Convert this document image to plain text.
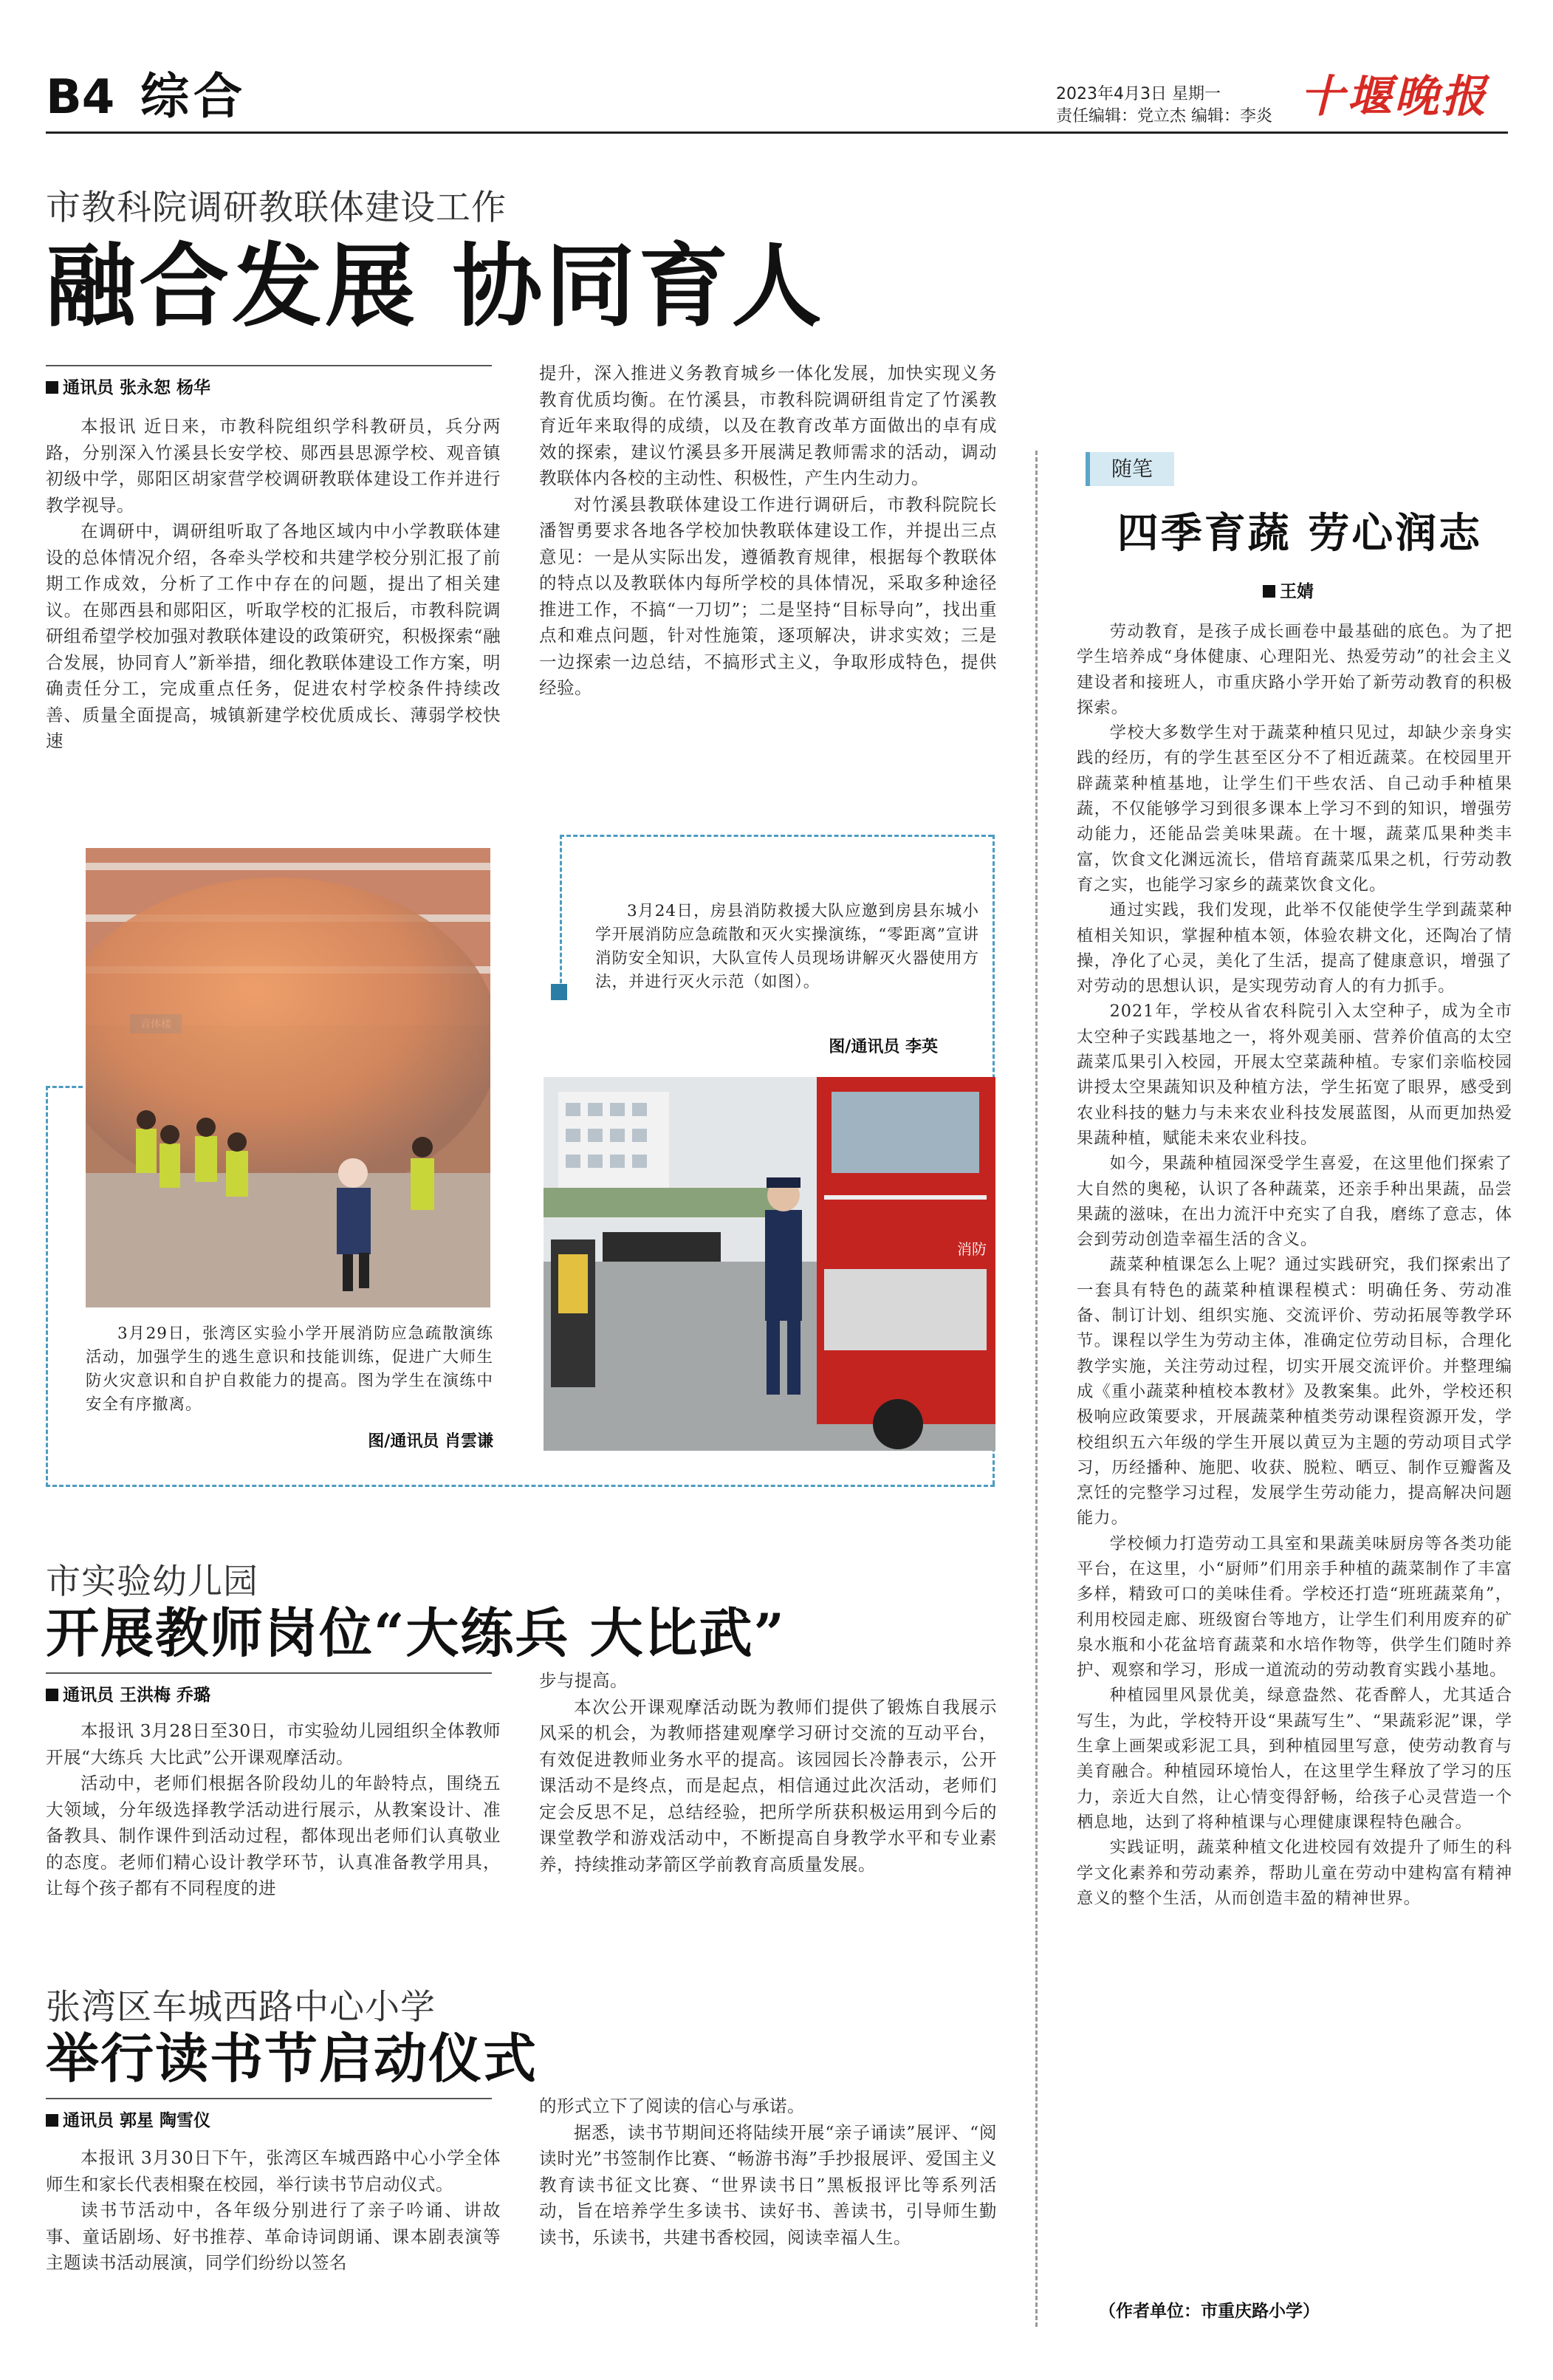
B4 综合	2023年4月3日 星期一
责任编辑：党立杰 编辑：李炎 十堰晚报
市教科院调研教联体建设工作
融合发展 协同育人
通讯员 张永恕 杨华

本报讯 近日来，市教科院组织学科教研员，兵分两路，分别深入竹溪县长安学校、郧西县思源学校、观音镇初级中学，郧阳区胡家营学校调研教联体建设工作并进行教学视导。

在调研中，调研组听取了各地区域内中小学教联体建设的总体情况介绍，各牵头学校和共建学校分别汇报了前期工作成效，分析了工作中存在的问题，提出了相关建议。在郧西县和郧阳区，听取学校的汇报后，市教科院调研组希望学校加强对教联体建设的政策研究，积极探索“融合发展，协同育人”新举措，细化教联体建设工作方案，明确责任分工，完成重点任务，促进农村学校条件持续改善、质量全面提高，城镇新建学校优质成长、薄弱学校快速

提升，深入推进义务教育城乡一体化发展，加快实现义务教育优质均衡。在竹溪县，市教科院调研组肯定了竹溪教育近年来取得的成绩，以及在教育改革方面做出的卓有成效的探索，建议竹溪县多开展满足教师需求的活动，调动教联体内各校的主动性、积极性，产生内生动力。

对竹溪县教联体建设工作进行调研后，市教科院院长潘智勇要求各地各学校加快教联体建设工作，并提出三点意见：一是从实际出发，遵循教育规律，根据每个教联体的特点以及教联体内每所学校的具体情况，采取多种途径推进工作，不搞“一刀切”；二是坚持“目标导向”，找出重点和难点问题，针对性施策，逐项解决，讲求实效；三是一边探索一边总结，不搞形式主义，争取形成特色，提供经验。

3月29日，张湾区实验小学开展消防应急疏散演练活动，加强学生的逃生意识和技能训练，促进广大师生防火灾意识和自护自救能力的提高。图为学生在演练中安全有序撤离。
图/通讯员 肖雲谦
3月24日，房县消防救援大队应邀到房县东城小学开展消防应急疏散和灭火实操演练，“零距离”宣讲消防安全知识，大队宣传人员现场讲解灭火器使用方法，并进行灭火示范（如图）。
图/通讯员 李英
消防
市实验幼儿园
开展教师岗位“大练兵 大比武”
通讯员 王洪梅 乔璐

本报讯 3月28日至30日，市实验幼儿园组织全体教师开展“大练兵 大比武”公开课观摩活动。

活动中，老师们根据各阶段幼儿的年龄特点，围绕五大领域，分年级选择教学活动进行展示，从教案设计、准备教具、制作课件到活动过程，都体现出老师们认真敬业的态度。老师们精心设计教学环节，认真准备教学用具，让每个孩子都有不同程度的进

步与提高。

本次公开课观摩活动既为教师们提供了锻炼自我展示风采的机会，为教师搭建观摩学习研讨交流的互动平台，有效促进教师业务水平的提高。该园园长冷静表示，公开课活动不是终点，而是起点，相信通过此次活动，老师们定会反思不足，总结经验，把所学所获积极运用到今后的课堂教学和游戏活动中，不断提高自身教学水平和专业素养，持续推动茅箭区学前教育高质量发展。

张湾区车城西路中心小学
举行读书节启动仪式
通讯员 郭星 陶雪仪

本报讯 3月30日下午，张湾区车城西路中心小学全体师生和家长代表相聚在校园，举行读书节启动仪式。

读书节活动中，各年级分别进行了亲子吟诵、讲故事、童话剧场、好书推荐、革命诗词朗诵、课本剧表演等主题读书活动展演，同学们纷纷以签名

的形式立下了阅读的信心与承诺。

据悉，读书节期间还将陆续开展“亲子诵读”展评、“阅读时光”书签制作比赛、“畅游书海”手抄报展评、爱国主义教育读书征文比赛、“世界读书日”黑板报评比等系列活动，旨在培养学生多读书、读好书、善读书，引导师生勤读书，乐读书，共建书香校园，阅读幸福人生。

随笔
四季育蔬 劳心润志
王婧

劳动教育，是孩子成长画卷中最基础的底色。为了把学生培养成“身体健康、心理阳光、热爱劳动”的社会主义建设者和接班人，市重庆路小学开始了新劳动教育的积极探索。

学校大多数学生对于蔬菜种植只见过，却缺少亲身实践的经历，有的学生甚至区分不了相近蔬菜。在校园里开辟蔬菜种植基地，让学生们干些农活、自己动手种植果蔬，不仅能够学习到很多课本上学习不到的知识，增强劳动能力，还能品尝美味果蔬。在十堰，蔬菜瓜果种类丰富，饮食文化渊远流长，借培育蔬菜瓜果之机，行劳动教育之实，也能学习家乡的蔬菜饮食文化。

通过实践，我们发现，此举不仅能使学生学到蔬菜种植相关知识，掌握种植本领，体验农耕文化，还陶冶了情操，净化了心灵，美化了生活，提高了健康意识，增强了对劳动的思想认识，是实现劳动育人的有力抓手。

2021年，学校从省农科院引入太空种子，成为全市太空种子实践基地之一，将外观美丽、营养价值高的太空蔬菜瓜果引入校园，开展太空菜蔬种植。专家们亲临校园讲授太空果蔬知识及种植方法，学生拓宽了眼界，感受到农业科技的魅力与未来农业科技发展蓝图，从而更加热爱果蔬种植，赋能未来农业科技。

如今，果蔬种植园深受学生喜爱，在这里他们探索了大自然的奥秘，认识了各种蔬菜，还亲手种出果蔬，品尝果蔬的滋味，在出力流汗中充实了自我，磨练了意志，体会到劳动创造幸福生活的含义。

蔬菜种植课怎么上呢？通过实践研究，我们探索出了一套具有特色的蔬菜种植课程模式：明确任务、劳动准备、制订计划、组织实施、交流评价、劳动拓展等教学环节。课程以学生为劳动主体，准确定位劳动目标，合理化教学实施，关注劳动过程，切实开展交流评价。并整理编成《重小蔬菜种植校本教材》及教案集。此外，学校还积极响应政策要求，开展蔬菜种植类劳动课程资源开发，学校组织五六年级的学生开展以黄豆为主题的劳动项目式学习，历经播种、施肥、收获、脱粒、晒豆、制作豆瓣酱及烹饪的完整学习过程，发展学生劳动能力，提高解决问题能力。

学校倾力打造劳动工具室和果蔬美味厨房等各类功能平台，在这里，小“厨师”们用亲手种植的蔬菜制作了丰富多样，精致可口的美味佳肴。学校还打造“班班蔬菜角”，利用校园走廊、班级窗台等地方，让学生们利用废弃的矿泉水瓶和小花盆培育蔬菜和水培作物等，供学生们随时养护、观察和学习，形成一道流动的劳动教育实践小基地。

种植园里风景优美，绿意盎然、花香醉人，尤其适合写生，为此，学校特开设“果蔬写生”、“果蔬彩泥”课，学生拿上画架或彩泥工具，到种植园里写意，使劳动教育与美育融合。种植园环境怡人，在这里学生释放了学习的压力，亲近大自然，让心情变得舒畅，给孩子心灵营造一个栖息地，达到了将种植课与心理健康课程特色融合。

实践证明，蔬菜种植文化进校园有效提升了师生的科学文化素养和劳动素养，帮助儿童在劳动中建构富有精神意义的整个生活，从而创造丰盈的精神世界。

（作者单位：市重庆路小学）
